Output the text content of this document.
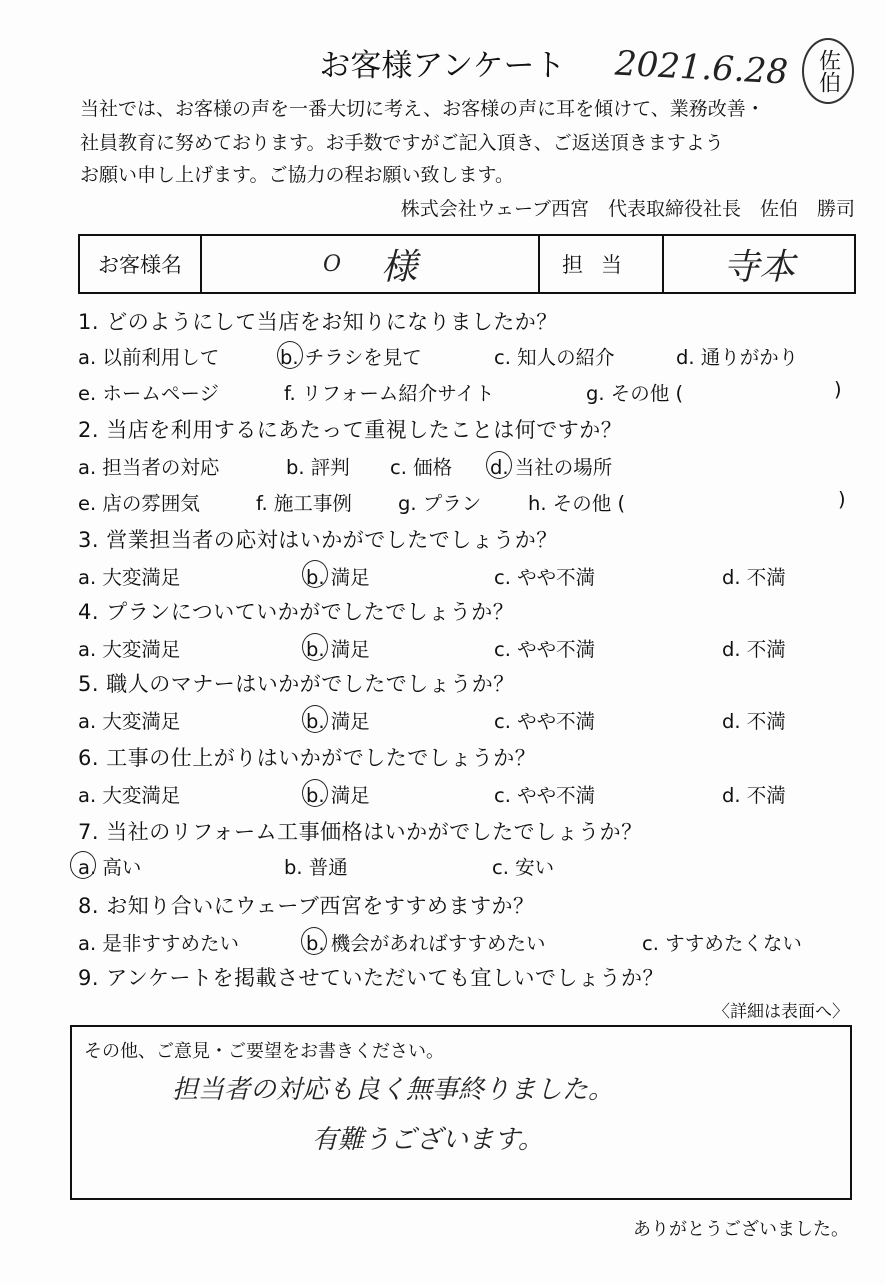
お客様アンケート	2021.6.28	佐伯
当社では、お客様の声を一番大切に考え、お客様の声に耳を傾けて、業務改善・
社員教育に努めております。お手数ですがご記入頂き、ご返送頂きますよう
お願い申し上げます。ご協力の程お願い致します。
株式会社ウェーブ西宮　代表取締役社長　佐伯　勝司
お客様名	O 様	担当	寺本
1. どのようにして当店をお知りになりましたか？
a. 以前利用して	b. チラシを見て	c. 知人の紹介	d. 通りがかり
e. ホームページ	f. リフォーム紹介サイト	g. その他 (	)
2. 当店を利用するにあたって重視したことは何ですか？
a. 担当者の対応	b. 評判 c. 価格 d. 当社の場所
e. 店の雰囲気	f. 施工事例 g. プラン h. その他 (	)
3. 営業担当者の応対はいかがでしたでしょうか？
a. 大変満足	b. 満足	c. やや不満	d. 不満
4. プランについていかがでしたでしょうか？
a. 大変満足	b. 満足	c. やや不満	d. 不満
5. 職人のマナーはいかがでしたでしょうか？
a. 大変満足	b. 満足	c. やや不満	d. 不満
6. 工事の仕上がりはいかがでしたでしょうか？
a. 大変満足	b. 満足	c. やや不満	d. 不満
7. 当社のリフォーム工事価格はいかがでしたでしょうか？
a. 高い	b. 普通	c. 安い
8. お知り合いにウェーブ西宮をすすめますか？
a. 是非すすめたい	b. 機会があればすすめたい	c. すすめたくない
9. アンケートを掲載させていただいても宜しいでしょうか？
〈詳細は表面へ〉
その他、ご意見・ご要望をお書きください。
担当者の対応も良く無事終りました。
有難うございます。
ありがとうございました。
